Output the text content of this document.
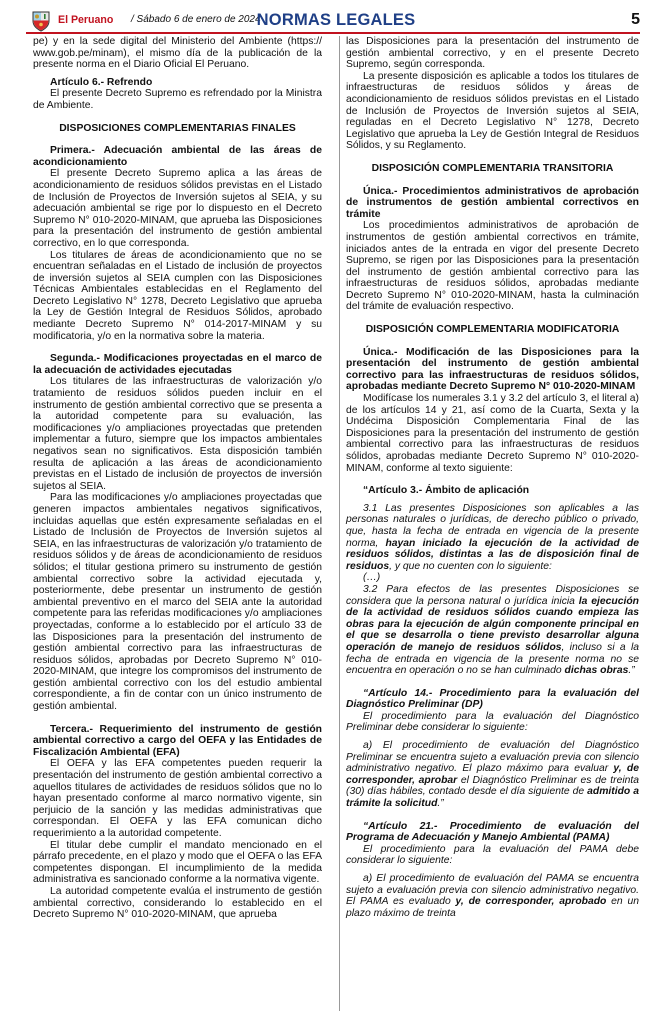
El Peruano / Sábado 6 de enero de 2024
NORMAS LEGALES	5

pe) y en la sede digital del Ministerio del Ambiente (https:// www.gob.pe/minam), el mismo día de la publicación de la presente norma en el Diario Oficial El Peruano.

Artículo 6.- Refrendo

El presente Decreto Supremo es refrendado por la Ministra de Ambiente.

DISPOSICIONES COMPLEMENTARIAS FINALES

Primera.- Adecuación ambiental de las áreas de acondicionamiento

El presente Decreto Supremo aplica a las áreas de acondicionamiento de residuos sólidos previstas en el Listado de Inclusión de Proyectos de Inversión sujetos al SEIA, y su adecuación ambiental se rige por lo dispuesto en el Decreto Supremo N° 010-2020-MINAM, que aprueba las Disposiciones para la presentación del instrumento de gestión ambiental correctivo, en lo que corresponda.

Los titulares de áreas de acondicionamiento que no se encuentran señaladas en el Listado de inclusión de proyectos de inversión sujetos al SEIA cumplen con las Disposiciones Técnicas Ambientales establecidas en el Reglamento del Decreto Legislativo N° 1278, Decreto Legislativo que aprueba la Ley de Gestión Integral de Residuos Sólidos, aprobado mediante Decreto Supremo N° 014-2017-MINAM y su modificatoria, y/o en la normativa sobre la materia.

Segunda.- Modificaciones proyectadas en el marco de la adecuación de actividades ejecutadas

Los titulares de las infraestructuras de valorización y/o tratamiento de residuos sólidos pueden incluir en el instrumento de gestión ambiental correctivo que se presenta a la autoridad competente para su evaluación, las modificaciones y/o ampliaciones proyectadas que pretenden implementar a futuro, siempre que los impactos ambientales negativos sean no significativos. Esta disposición también resulta de aplicación a las áreas de acondicionamiento previstas en el Listado de inclusión de proyectos de inversión sujetos al SEIA.

Para las modificaciones y/o ampliaciones proyectadas que generen impactos ambientales negativos significativos, incluidas aquellas que estén expresamente señaladas en el Listado de Inclusión de Proyectos de Inversión sujetos al SEIA, en las infraestructuras de valorización y/o tratamiento de residuos sólidos y de áreas de acondicionamiento de residuos sólidos; el titular gestiona primero su instrumento de gestión ambiental correctivo sobre la actividad ejecutada y, posteriormente, debe presentar un instrumento de gestión ambiental preventivo en el marco del SEIA ante la autoridad competente para las referidas modificaciones y/o ampliaciones proyectadas, conforme a lo establecido por el artículo 33 de las Disposiciones para la presentación del instrumento de gestión ambiental correctivo para las infraestructuras de residuos sólidos, aprobadas por Decreto Supremo N° 010-2020-MINAM, que integre los compromisos del instrumento de gestión ambiental correctivo con los del estudio ambiental correspondiente, a fin de contar con un único instrumento de gestión ambiental.

Tercera.- Requerimiento del instrumento de gestión ambiental correctivo a cargo del OEFA y las Entidades de Fiscalización Ambiental (EFA)

El OEFA y las EFA competentes pueden requerir la presentación del instrumento de gestión ambiental correctivo a aquellos titulares de actividades de residuos sólidos que no lo hayan presentado conforme al marco normativo vigente, sin perjuicio de la sanción y las medidas administrativas que correspondan. El OEFA y las EFA comunican dicho requerimiento a la autoridad competente.

El titular debe cumplir el mandato mencionado en el párrafo precedente, en el plazo y modo que el OEFA o las EFA competentes dispongan. El incumplimiento de la medida administrativa es sancionado conforme a la normativa vigente.

La autoridad competente evalúa el instrumento de gestión ambiental correctivo, considerando lo establecido en el Decreto Supremo N° 010-2020-MINAM, que aprueba

las Disposiciones para la presentación del instrumento de gestión ambiental correctivo, y en el presente Decreto Supremo, según corresponda.

La presente disposición es aplicable a todos los titulares de infraestructuras de residuos sólidos y áreas de acondicionamiento de residuos sólidos previstas en el Listado de Inclusión de Proyectos de Inversión sujetos al SEIA, reguladas en el Decreto Legislativo N° 1278, Decreto Legislativo que aprueba la Ley de Gestión Integral de Residuos Sólidos, y su Reglamento.

DISPOSICIÓN COMPLEMENTARIA TRANSITORIA

Única.- Procedimientos administrativos de aprobación de instrumentos de gestión ambiental correctivos en trámite

Los procedimientos administrativos de aprobación de instrumentos de gestión ambiental correctivos en trámite, iniciados antes de la entrada en vigor del presente Decreto Supremo, se rigen por las Disposiciones para la presentación del instrumento de gestión ambiental correctivo para las infraestructuras de residuos sólidos, aprobadas mediante Decreto Supremo N° 010-2020-MINAM, hasta la culminación del trámite de evaluación respectivo.

DISPOSICIÓN COMPLEMENTARIA MODIFICATORIA

Única.- Modificación de las Disposiciones para la presentación del instrumento de gestión ambiental correctivo para las infraestructuras de residuos sólidos, aprobadas mediante Decreto Supremo N° 010-2020-MINAM

Modifícase los numerales 3.1 y 3.2 del artículo 3, el literal a) de los artículos 14 y 21, así como de la Cuarta, Sexta y la Undécima Disposición Complementaria Final de las Disposiciones para la presentación del instrumento de gestión ambiental correctivo para las infraestructuras de residuos sólidos, aprobadas mediante Decreto Supremo N° 010-2020-MINAM, conforme al texto siguiente:

“Artículo 3.- Ámbito de aplicación

3.1 Las presentes Disposiciones son aplicables a las personas naturales o jurídicas, de derecho público o privado, que, hasta la fecha de entrada en vigencia de la presente norma, hayan iniciado la ejecución de la actividad de residuos sólidos, distintas a las de disposición final de residuos, y que no cuenten con lo siguiente:

(…)

3.2 Para efectos de las presentes Disposiciones se considera que la persona natural o jurídica inicia la ejecución de la actividad de residuos sólidos cuando empieza las obras para la ejecución de algún componente principal en el que se desarrolla o tiene previsto desarrollar alguna operación de manejo de residuos sólidos, incluso si a la fecha de entrada en vigencia de la presente norma no se encuentra en operación o no se han culminado dichas obras.”

“Artículo 14.- Procedimiento para la evaluación del Diagnóstico Preliminar (DP)

El procedimiento para la evaluación del Diagnóstico Preliminar debe considerar lo siguiente:

a) El procedimiento de evaluación del Diagnóstico Preliminar se encuentra sujeto a evaluación previa con silencio administrativo negativo. El plazo máximo para evaluar y, de corresponder, aprobar el Diagnóstico Preliminar es de treinta (30) días hábiles, contado desde el día siguiente de admitido a trámite la solicitud.”

“Artículo 21.- Procedimiento de evaluación del Programa de Adecuación y Manejo Ambiental (PAMA)

El procedimiento para la evaluación del PAMA debe considerar lo siguiente:

a) El procedimiento de evaluación del PAMA se encuentra sujeto a evaluación previa con silencio administrativo negativo. El PAMA es evaluado y, de corresponder, aprobado en un plazo máximo de treinta
